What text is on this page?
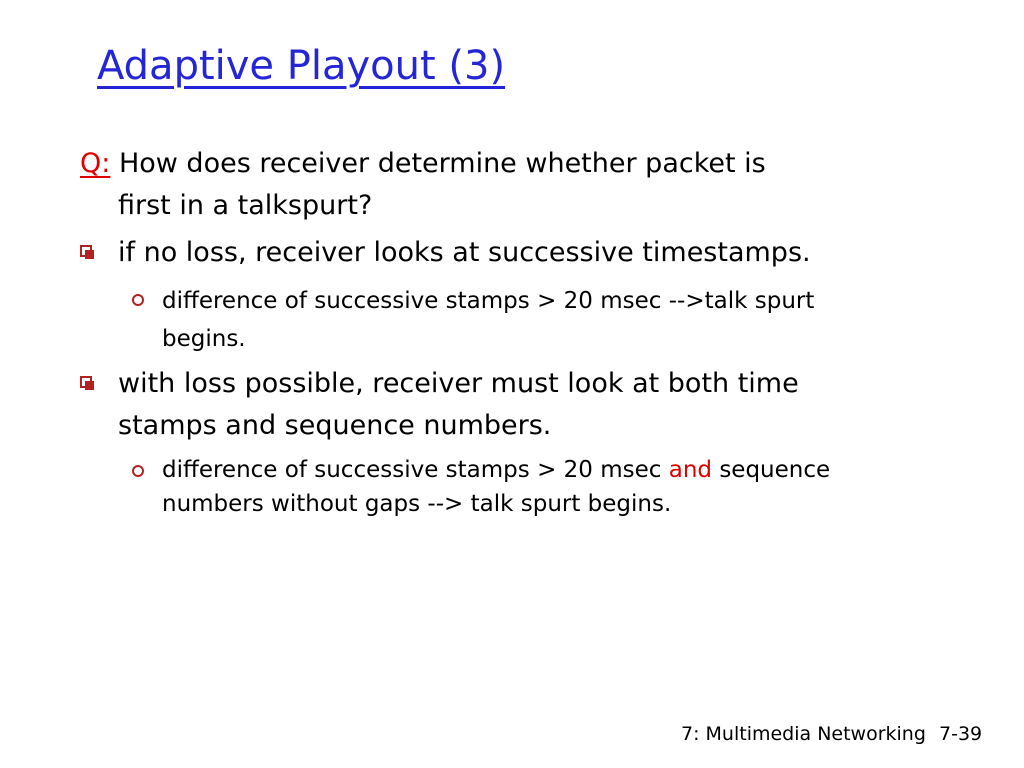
Adaptive Playout (3)
Q: How does receiver determine whether packet is
first in a talkspurt?
if no loss, receiver looks at successive timestamps.
difference of successive stamps > 20 msec -->talk spurt
begins.
with loss possible, receiver must look at both time
stamps and sequence numbers.
difference of successive stamps > 20 msec and sequence
numbers without gaps --> talk spurt begins.
7: Multimedia Networking 7-39
